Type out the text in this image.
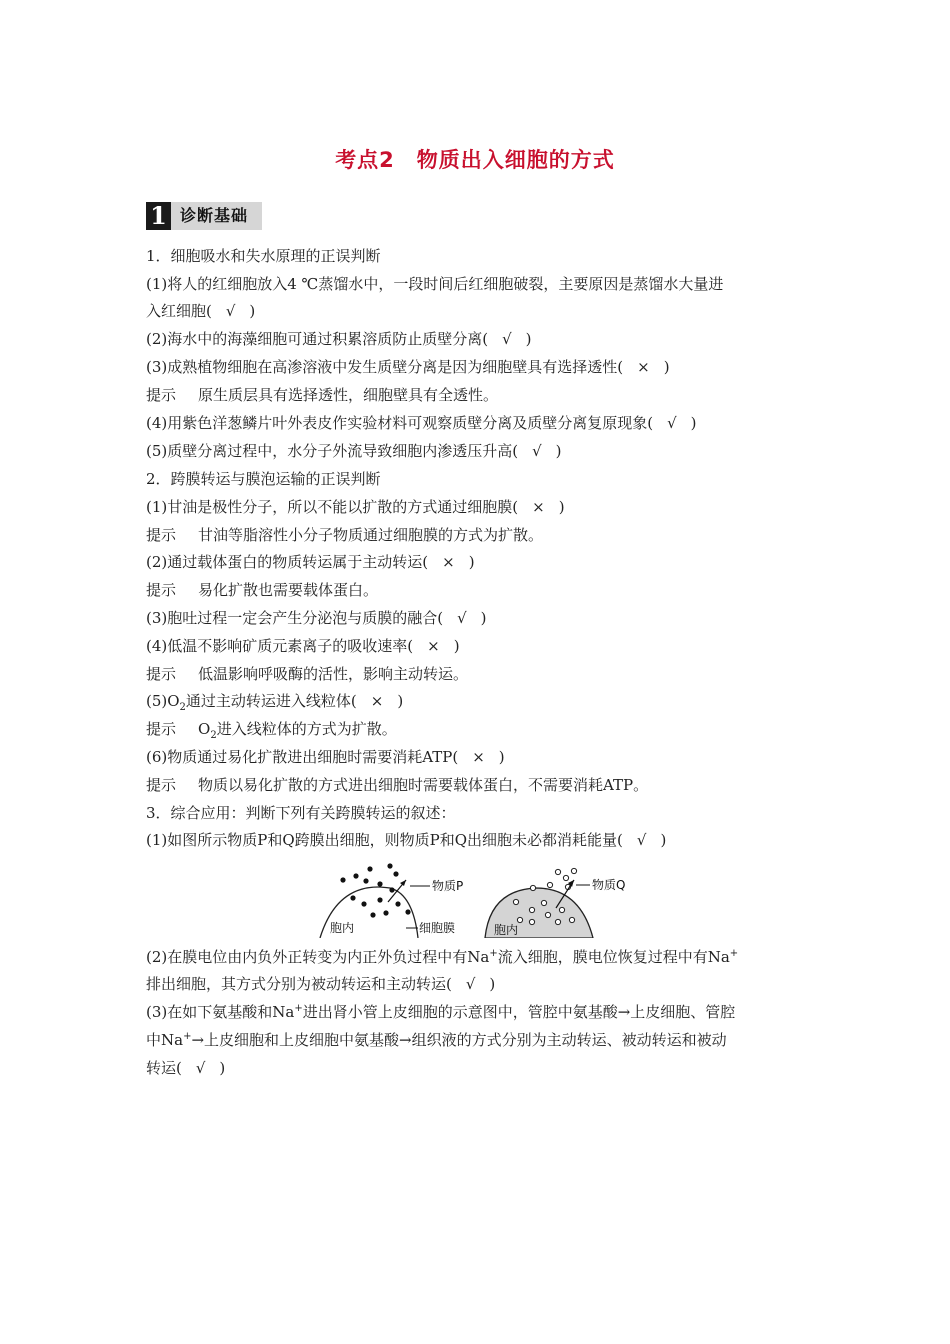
考点2　物质出入细胞的方式
1 诊断基础
1．细胞吸水和失水原理的正误判断
(1)将人的红细胞放入4 ℃蒸馏水中，一段时间后红细胞破裂，主要原因是蒸馏水大量进
入红细胞( √ )
(2)海水中的海藻细胞可通过积累溶质防止质壁分离( √ )
(3)成熟植物细胞在高渗溶液中发生质壁分离是因为细胞壁具有选择透性( × )
提示 原生质层具有选择透性，细胞壁具有全透性。
(4)用紫色洋葱鳞片叶外表皮作实验材料可观察质壁分离及质壁分离复原现象( √ )
(5)质壁分离过程中，水分子外流导致细胞内渗透压升高( √ )
2．跨膜转运与膜泡运输的正误判断
(1)甘油是极性分子，所以不能以扩散的方式通过细胞膜( × )
提示 甘油等脂溶性小分子物质通过细胞膜的方式为扩散。
(2)通过载体蛋白的物质转运属于主动转运( × )
提示 易化扩散也需要载体蛋白。
(3)胞吐过程一定会产生分泌泡与质膜的融合( √ )
(4)低温不影响矿质元素离子的吸收速率( × )
提示 低温影响呼吸酶的活性，影响主动转运。
$(5)O_2$通过主动转运进入线粒体( × )
提示 $O_2$进入线粒体的方式为扩散。
(6)物质通过易化扩散进出细胞时需要消耗ATP( × )
提示 物质以易化扩散的方式进出细胞时需要载体蛋白，不需要消耗ATP。
3．综合应用：判断下列有关跨膜转运的叙述：
(1)如图所示物质P和Q跨膜出细胞，则物质P和Q出细胞未必都消耗能量( √ )
物质P
胞内	细胞膜
物质Q
胞内
(2)在膜电位由内负外正转变为内正外负过程中有Na+流入细胞，膜电位恢复过程中有Na+
排出细胞，其方式分别为被动转运和主动转运( √ )
(3)在如下氨基酸和Na+进出肾小管上皮细胞的示意图中，管腔中氨基酸→上皮细胞、管腔
中Na+→上皮细胞和上皮细胞中氨基酸→组织液的方式分别为主动转运、被动转运和被动
转运( √ )
